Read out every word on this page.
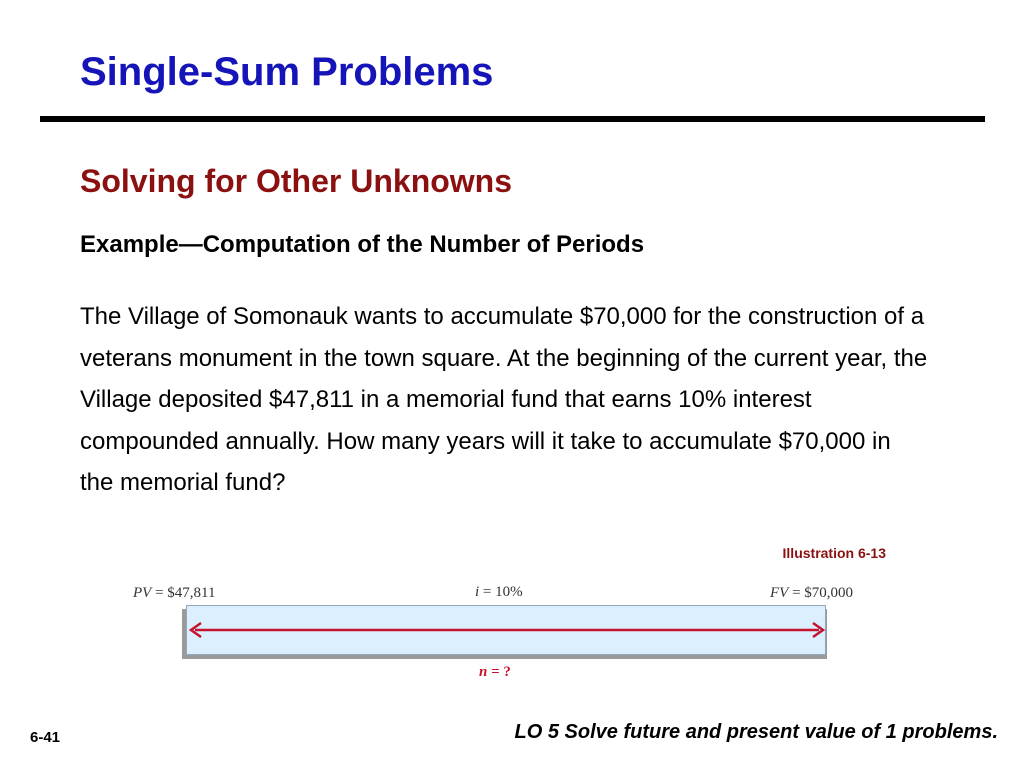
Single-Sum Problems
Solving for Other Unknowns
Example—Computation of the Number of Periods

The Village of Somonauk wants to accumulate $70,000 for the construction of a veterans monument in the town square. At the beginning of the current year, the Village deposited $47,811 in a memorial fund that earns 10% interest compounded annually. How many years will it take to accumulate $70,000 in the memorial fund?

Illustration 6-13
PV = $47,811	i = 10%	FV = $70,000
n = ?
6-41	LO 5 Solve future and present value of 1 problems.
